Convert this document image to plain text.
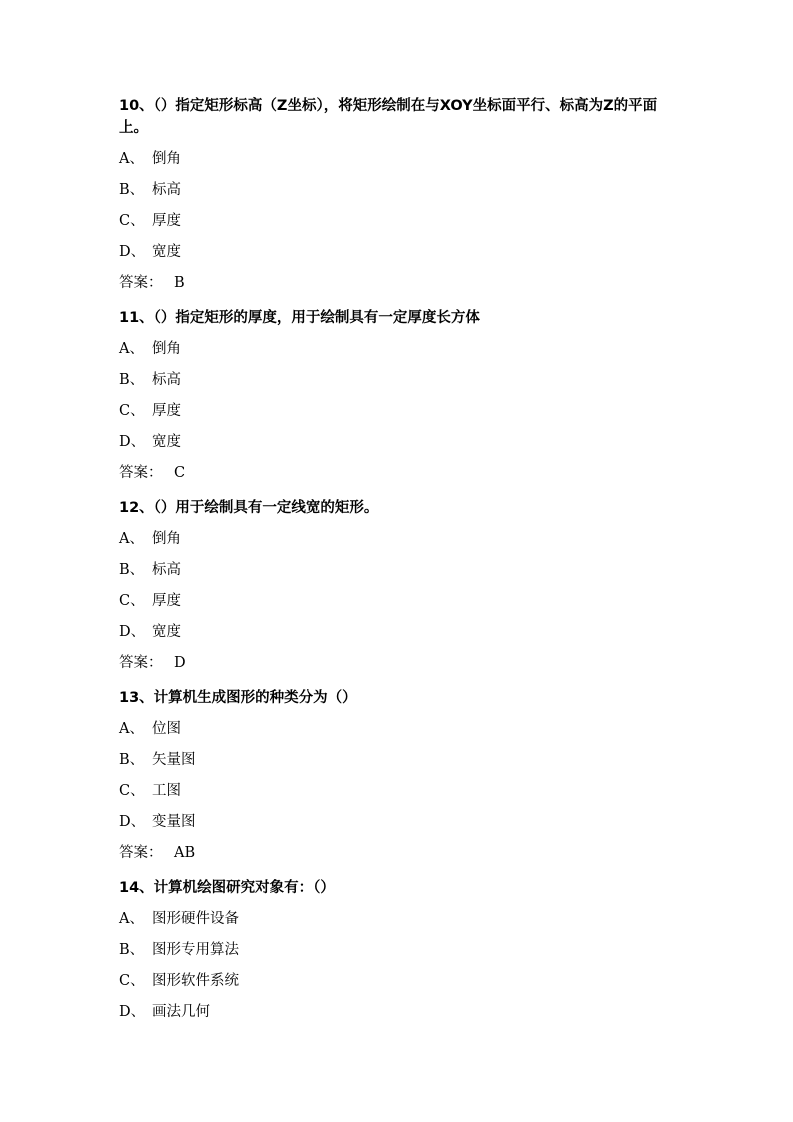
10、（）指定矩形标高（Z坐标），将矩形绘制在与XOY坐标面平行、标高为Z的平面上。
A、 倒角
B、 标高
C、 厚度
D、 宽度
答案： B
11、（）指定矩形的厚度，用于绘制具有一定厚度长方体
A、 倒角
B、 标高
C、 厚度
D、 宽度
答案： C
12、（）用于绘制具有一定线宽的矩形。
A、 倒角
B、 标高
C、 厚度
D、 宽度
答案： D
13、计算机生成图形的种类分为（）
A、 位图
B、 矢量图
C、 工图
D、 变量图
答案： AB
14、计算机绘图研究对象有：（）
A、 图形硬件设备
B、 图形专用算法
C、 图形软件系统
D、 画法几何
